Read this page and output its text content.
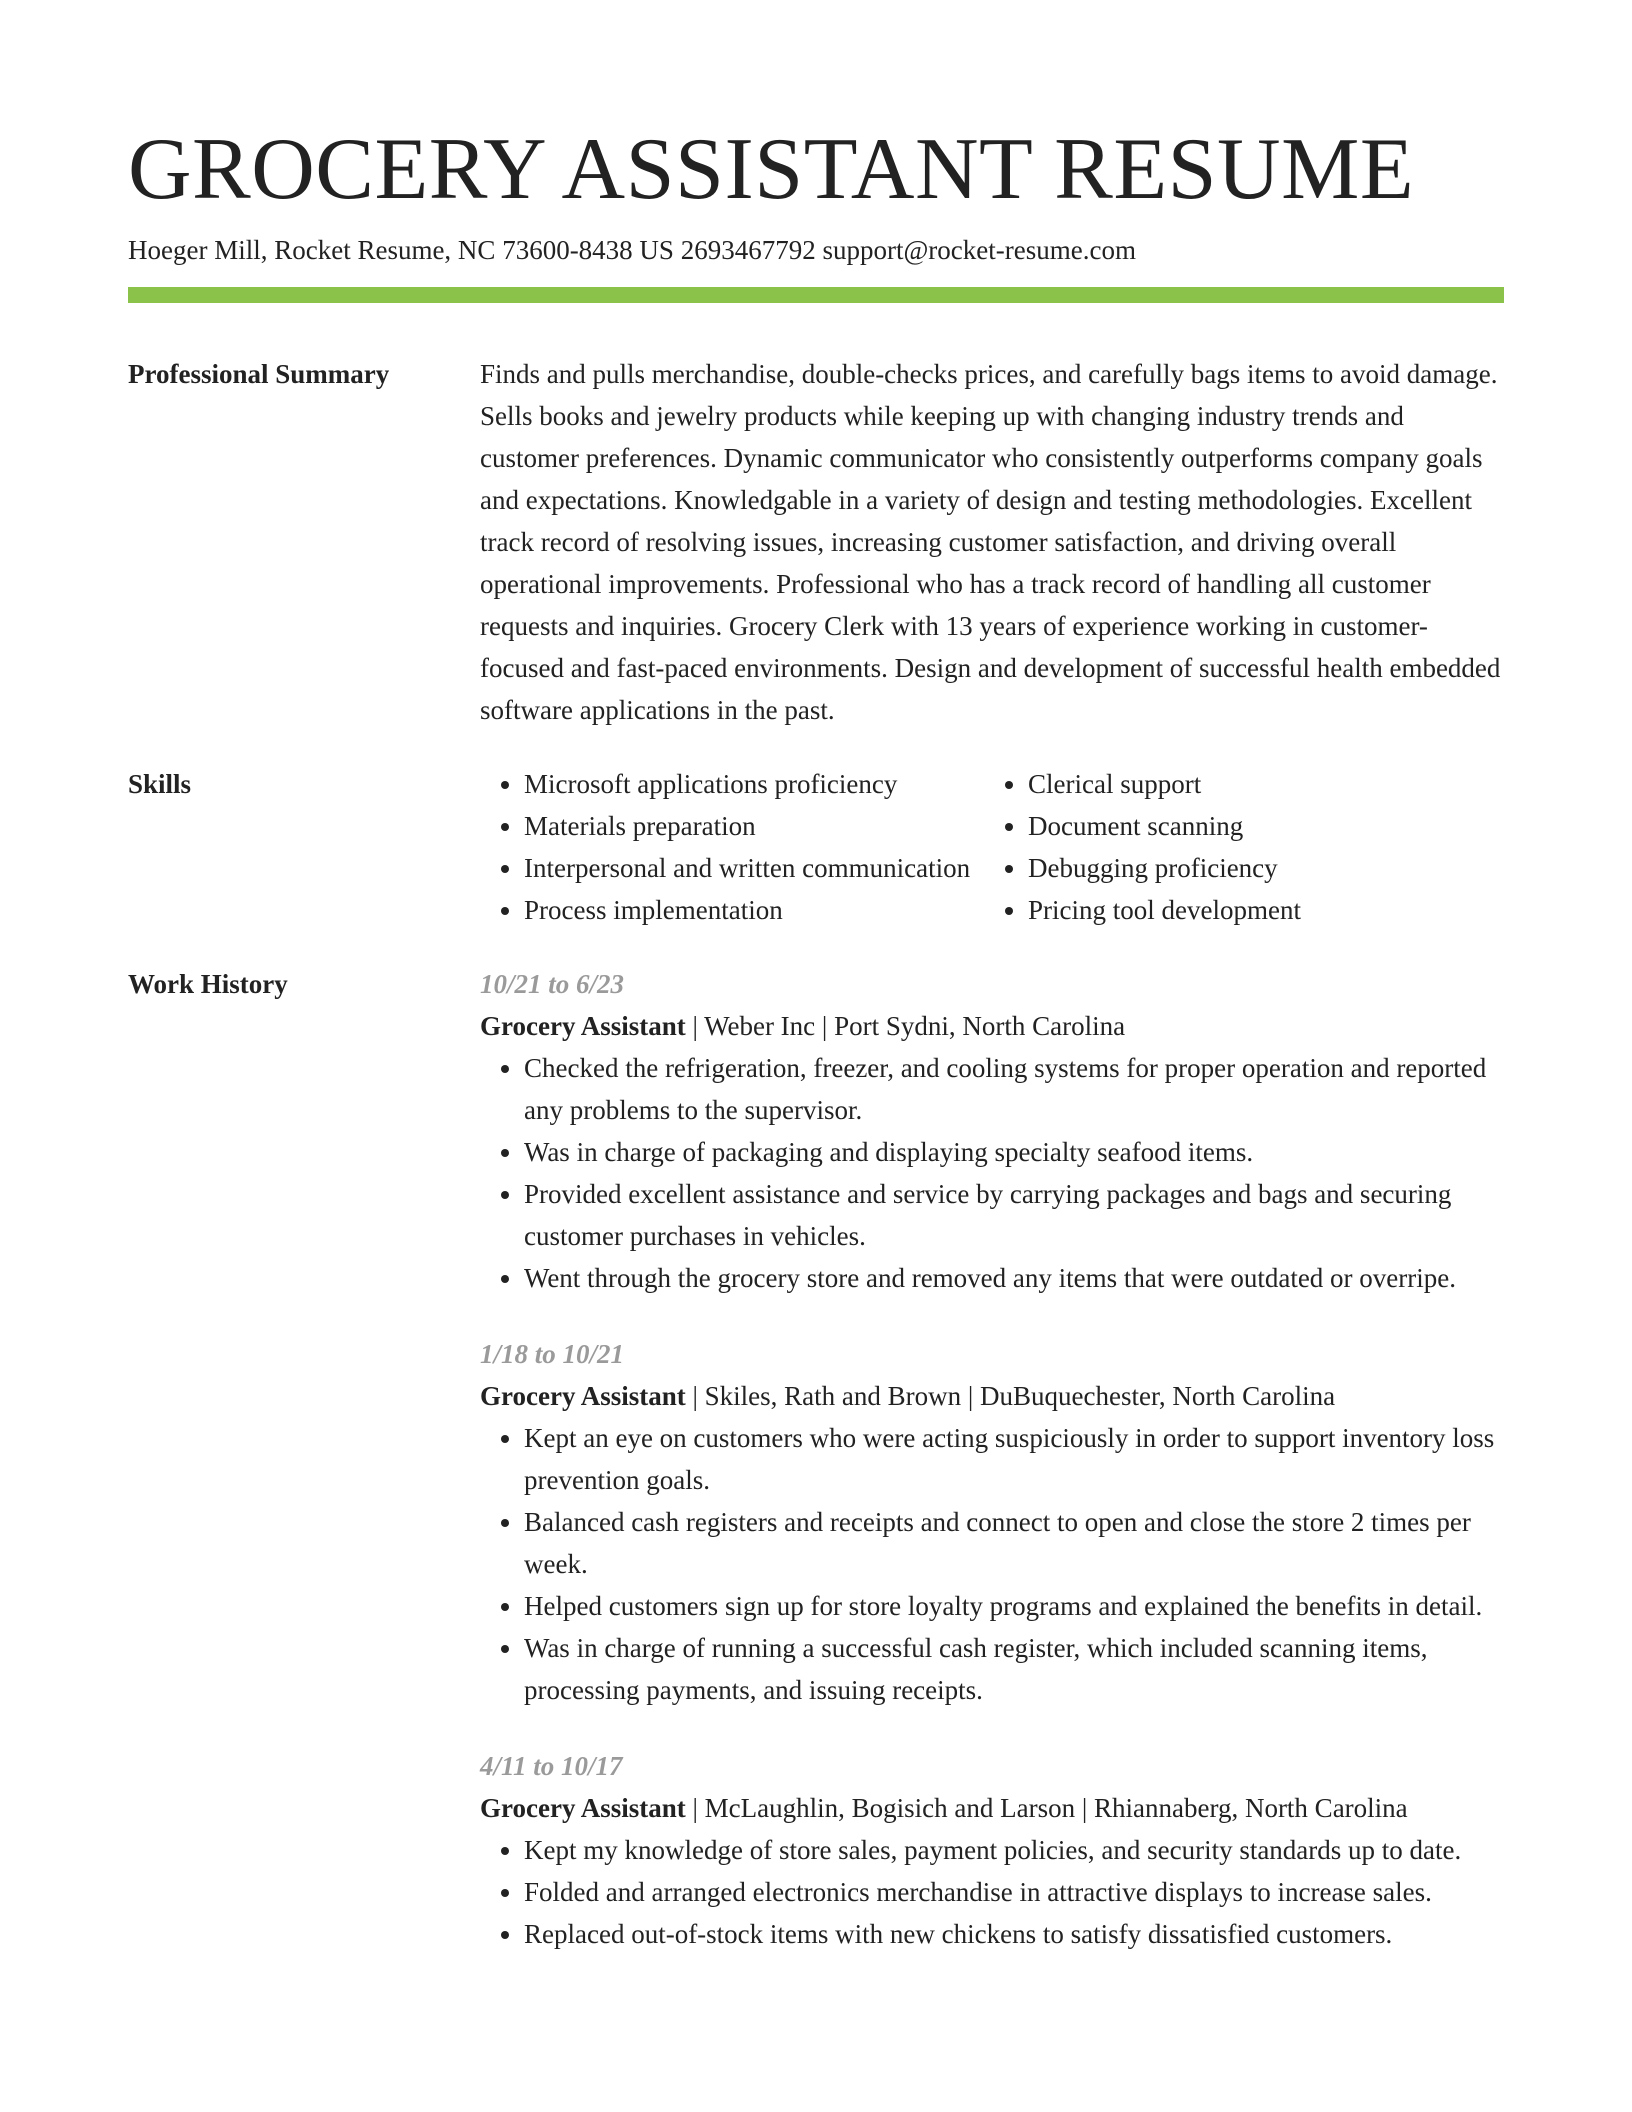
GROCERY ASSISTANT RESUME
Hoeger Mill, Rocket Resume, NC 73600-8438 US 2693467792 support@rocket-resume.com
Professional Summary	Finds and pulls merchandise, double-checks prices, and carefully bags items to avoid damage. Sells books and jewelry products while keeping up with changing industry trends and customer preferences. Dynamic communicator who consistently outperforms company goals and expectations. Knowledgable in a variety of design and testing methodologies. Excellent track record of resolving issues, increasing customer satisfaction, and driving overall operational improvements. Professional who has a track record of handling all customer requests and inquiries. Grocery Clerk with 13 years of experience working in customer-focused and fast-paced environments. Design and development of successful health embedded software applications in the past.

Skills
•	Microsoft applications proficiency
• Materials preparation
• Interpersonal and written communication
• Process implementation
• Clerical support
• Document scanning
• Debugging proficiency
• Pricing tool development
Work History	10/21 to 6/23
Grocery Assistant | Weber Inc | Port Sydni, North Carolina
• Checked the refrigeration, freezer, and cooling systems for proper operation and reported any problems to the supervisor.
• Was in charge of packaging and displaying specialty seafood items.
• Provided excellent assistance and service by carrying packages and bags and securing customer purchases in vehicles.
• Went through the grocery store and removed any items that were outdated or overripe.
1/18 to 10/21
Grocery Assistant | Skiles, Rath and Brown | DuBuquechester, North Carolina
• Kept an eye on customers who were acting suspiciously in order to support inventory loss prevention goals.
• Balanced cash registers and receipts and connect to open and close the store 2 times per week.
• Helped customers sign up for store loyalty programs and explained the benefits in detail.
• Was in charge of running a successful cash register, which included scanning items, processing payments, and issuing receipts.
4/11 to 10/17
Grocery Assistant | McLaughlin, Bogisich and Larson | Rhiannaberg, North Carolina
• Kept my knowledge of store sales, payment policies, and security standards up to date.
• Folded and arranged electronics merchandise in attractive displays to increase sales.
• Replaced out-of-stock items with new chickens to satisfy dissatisfied customers.
